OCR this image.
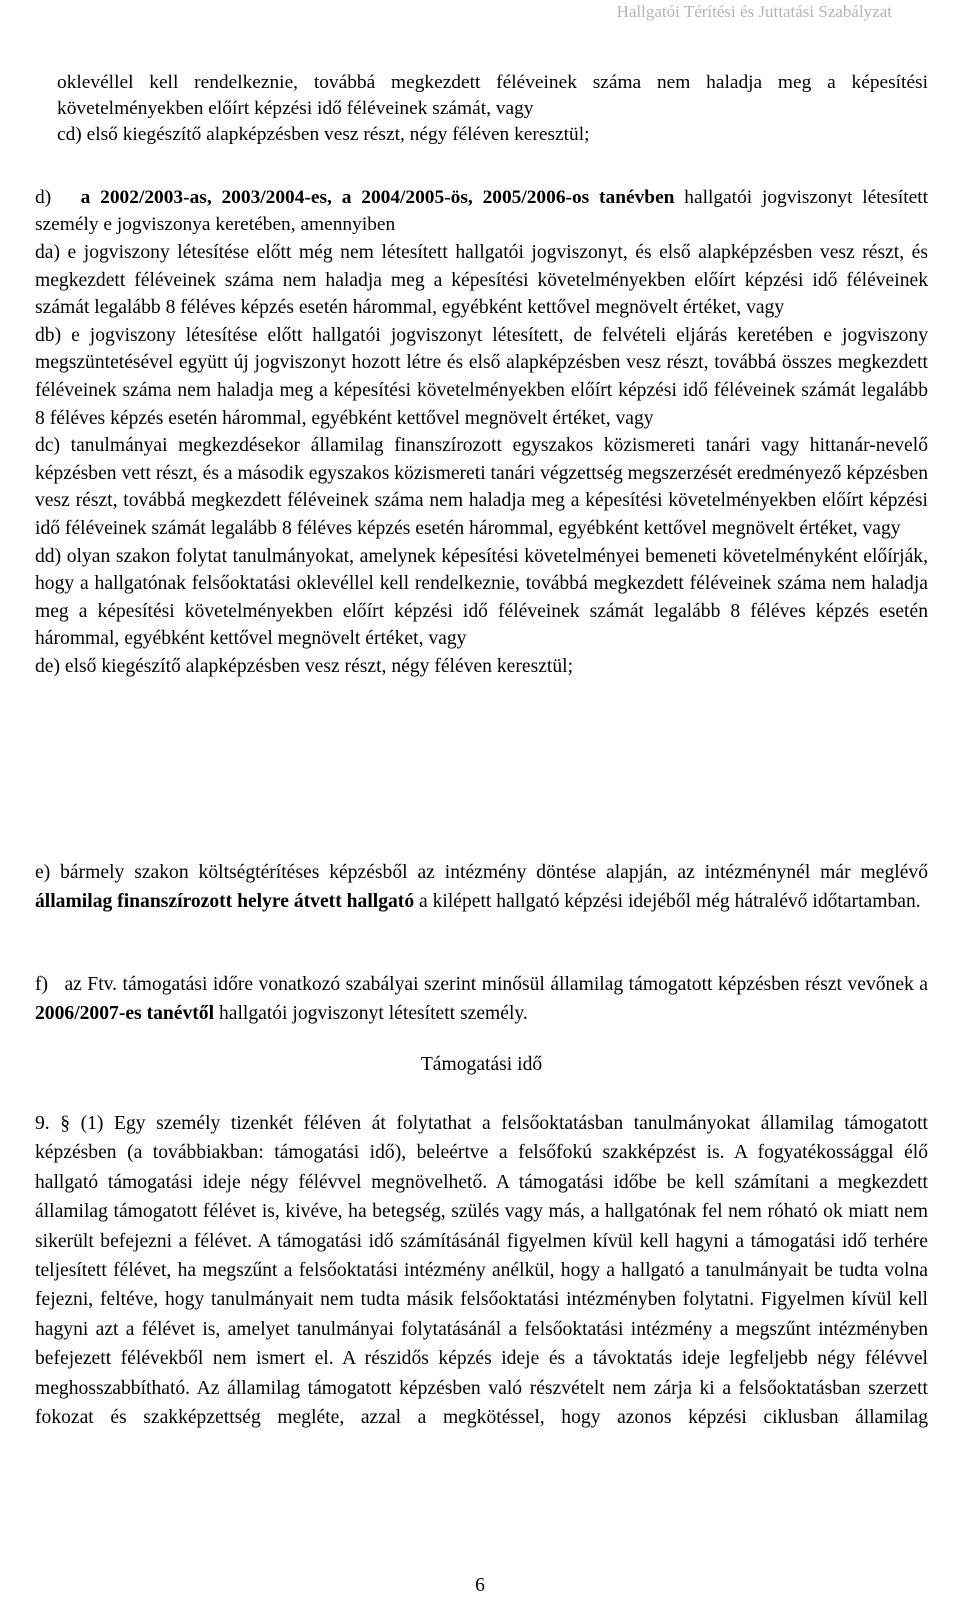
Hallgatói Térítési és Juttatási Szabályzat

oklevéllel kell rendelkeznie, továbbá megkezdett féléveinek száma nem haladja meg a képesítési követelményekben előírt képzési idő féléveinek számát, vagy

cd) első kiegészítő alapképzésben vesz részt, négy féléven keresztül;

d) a 2002/2003-as, 2003/2004-es, a 2004/2005-ös, 2005/2006-os tanévben hallgatói jogviszonyt létesített személy e jogviszonya keretében, amennyiben

da) e jogviszony létesítése előtt még nem létesített hallgatói jogviszonyt, és első alapképzésben vesz részt, és megkezdett féléveinek száma nem haladja meg a képesítési követelményekben előírt képzési idő féléveinek számát legalább 8 féléves képzés esetén hárommal, egyébként kettővel megnövelt értéket, vagy

db) e jogviszony létesítése előtt hallgatói jogviszonyt létesített, de felvételi eljárás keretében e jogviszony megszüntetésével együtt új jogviszonyt hozott létre és első alapképzésben vesz részt, továbbá összes megkezdett féléveinek száma nem haladja meg a képesítési követelményekben előírt képzési idő féléveinek számát legalább 8 féléves képzés esetén hárommal, egyébként kettővel megnövelt értéket, vagy

dc) tanulmányai megkezdésekor államilag finanszírozott egyszakos közismereti tanári vagy hittanár-nevelő képzésben vett részt, és a második egyszakos közismereti tanári végzettség megszerzését eredményező képzésben vesz részt, továbbá megkezdett féléveinek száma nem haladja meg a képesítési követelményekben előírt képzési idő féléveinek számát legalább 8 féléves képzés esetén hárommal, egyébként kettővel megnövelt értéket, vagy

dd) olyan szakon folytat tanulmányokat, amelynek képesítési követelményei bemeneti követelményként előírják, hogy a hallgatónak felsőoktatási oklevéllel kell rendelkeznie, továbbá megkezdett féléveinek száma nem haladja meg a képesítési követelményekben előírt képzési idő féléveinek számát legalább 8 féléves képzés esetén hárommal, egyébként kettővel megnövelt értéket, vagy

de) első kiegészítő alapképzésben vesz részt, négy féléven keresztül;

e) bármely szakon költségtérítéses képzésből az intézmény döntése alapján, az intézménynél már meglévő államilag finanszírozott helyre átvett hallgató a kilépett hallgató képzési idejéből még hátralévő időtartamban.

f)   az Ftv. támogatási időre vonatkozó szabályai szerint minősül államilag támogatott képzésben részt vevőnek a 2006/2007-es tanévtől hallgatói jogviszonyt létesített személy.

Támogatási idő

9. § (1) Egy személy tizenkét féléven át folytathat a felsőoktatásban tanulmányokat államilag támogatott képzésben (a továbbiakban: támogatási idő), beleértve a felsőfokú szakképzést is. A fogyatékossággal élő hallgató támogatási ideje négy félévvel megnövelhető. A támogatási időbe be kell számítani a megkezdett államilag támogatott félévet is, kivéve, ha betegség, szülés vagy más, a hallgatónak fel nem róható ok miatt nem sikerült befejezni a félévet. A támogatási idő számításánál figyelmen kívül kell hagyni a támogatási idő terhére teljesített félévet, ha megszűnt a felsőoktatási intézmény anélkül, hogy a hallgató a tanulmányait be tudta volna fejezni, feltéve, hogy tanulmányait nem tudta másik felsőoktatási intézményben folytatni. Figyelmen kívül kell hagyni azt a félévet is, amelyet tanulmányai folytatásánál a felsőoktatási intézmény a megszűnt intézményben befejezett félévekből nem ismert el. A részidős képzés ideje és a távoktatás ideje legfeljebb négy félévvel meghosszabbítható. Az államilag támogatott képzésben való részvételt nem zárja ki a felsőoktatásban szerzett fokozat és szakképzettség megléte, azzal a megkötéssel, hogy azonos képzési ciklusban államilag

6
